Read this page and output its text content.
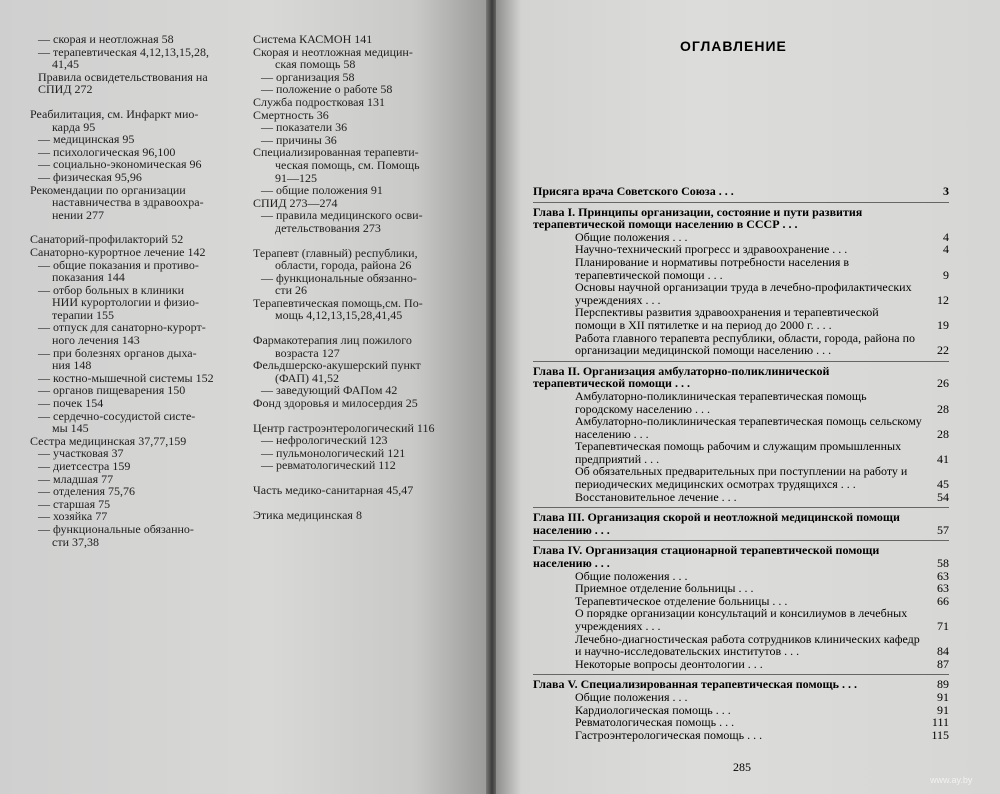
— скорая и неотложная 58
— терапевтическая 4,12,13,15,28,
41,45
Правила освидетельствования на
СПИД 272
Реабилитация, см. Инфаркт мио-
карда 95
— медицинская 95
— психологическая 96,100
— социально-экономическая 96
— физическая 95,96
Рекомендации по организации
наставничества в здравоохра-
нении 277
Санаторий-профилакторий 52
Санаторно-курортное лечение 142
— общие показания и противо-
показания 144
— отбор больных в клиники
НИИ курортологии и физио-
терапии 155
— отпуск для санаторно-курорт-
ного лечения 143
— при болезнях органов дыха-
ния 148
— костно-мышечной системы 152
— органов пищеварения 150
— почек 154
— сердечно-сосудистой систе-
мы 145
Сестра медицинская 37,77,159
— участковая 37
— диетсестра 159
— младшая 77
— отделения 75,76
— старшая 75
— хозяйка 77
— функциональные обязанно-
сти 37,38
Система КАСМОН 141
Скорая и неотложная медицин-
ская помощь 58
— организация 58
— положение о работе 58
Служба подростковая 131
Смертность 36
— показатели 36
— причины 36
Специализированная терапевти-
ческая помощь, см. Помощь
91—125
— общие положения 91
СПИД 273—274
— правила медицинского осви-
детельствования 273
Терапевт (главный) республики,
области, города, района 26
— функциональные обязанно-
сти 26
Терапевтическая помощь,см. По-
мощь 4,12,13,15,28,41,45
Фармакотерапия лиц пожилого
возраста 127
Фельдшерско-акушерский пункт
(ФАП) 41,52
— заведующий ФАПом 42
Фонд здоровья и милосердия 25
Центр гастроэнтерологический 116
— нефрологический 123
— пульмонологический 121
— ревматологический 112
Часть медико-санитарная 45,47
Этика медицинская 8
ОГЛАВЛЕНИЕ
Присяга врача Советского Союза . . .	3
Глава I. Принципы организации, состояние и пути развития терапевтической помощи населению в СССР . . .
Общие положения . . .	4
Научно-технический прогресс и здравоохранение . . .	4
Планирование и нормативы потребности населения в терапевтической помощи . . .	9
Основы научной организации труда в лечебно-профилактических учреждениях . . .	12
Перспективы развития здравоохранения и терапевтической помощи в XII пятилетке и на период до 2000 г. . . .	19
Работа главного терапевта республики, области, города, района по организации медицинской помощи населению . . .	22
Глава II. Организация амбулаторно-поликлинической терапевтической помощи . . .	26
Амбулаторно-поликлиническая терапевтическая помощь городскому населению . . .	28
Амбулаторно-поликлиническая терапевтическая помощь сельскому населению . . .	28
Терапевтическая помощь рабочим и служащим промышленных предприятий . . .	41
Об обязательных предварительных при поступлении на работу и периодических медицинских осмотрах трудящихся . . .	45
Восстановительное лечение . . .	54
Глава III. Организация скорой и неотложной медицинской помощи населению . . .	57
Глава IV. Организация стационарной терапевтической помощи населению . . .	58
Общие положения . . .	63
Приемное отделение больницы . . .	63
Терапевтическое отделение больницы . . .	66
О порядке организации консультаций и консилиумов в лечебных учреждениях . . .	71
Лечебно-диагностическая работа сотрудников клинических кафедр и научно-исследовательских институтов . . .	84
Некоторые вопросы деонтологии . . .	87
Глава V. Специализированная терапевтическая помощь . . .	89
Общие положения . . .	91
Кардиологическая помощь . . .	91
Ревматологическая помощь . . .	111
Гастроэнтерологическая помощь . . .	115
285
www.ay.by
